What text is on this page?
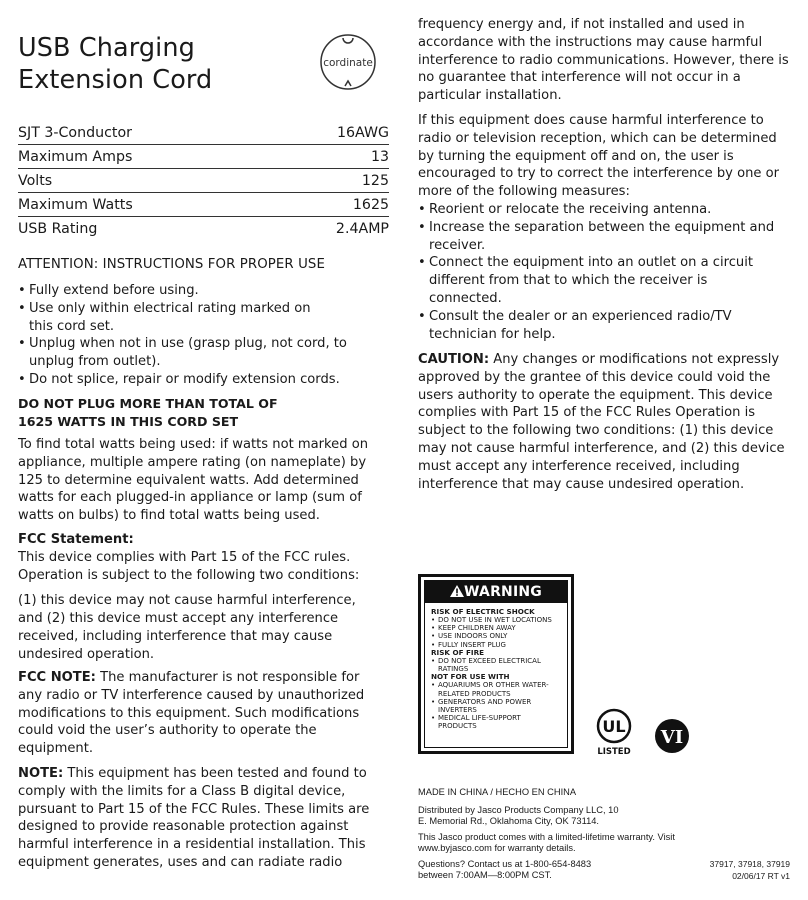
USB Charging
Extension Cord
cordinate
SJT 3-Conductor	16AWG
Maximum Amps	13
Volts	125
Maximum Watts	1625
USB Rating	2.4AMP
ATTENTION: INSTRUCTIONS FOR PROPER USE
• Fully extend before using.
• Use only within electrical rating marked on this cord set.
• Unplug when not in use (grasp plug, not cord, to unplug from outlet).
• Do not splice, repair or modify extension cords.
DO NOT PLUG MORE THAN TOTAL OF 1625 WATTS IN THIS CORD SET
To find total watts being used: if watts not marked on appliance, multiple ampere rating (on nameplate) by 125 to determine equivalent watts. Add determined watts for each plugged-in appliance or lamp (sum of watts on bulbs) to find total watts being used.
FCC Statement:
This device complies with Part 15 of the FCC rules. Operation is subject to the following two conditions:
(1) this device may not cause harmful interference, and (2) this device must accept any interference received, including interference that may cause undesired operation.
FCC NOTE: The manufacturer is not responsible for any radio or TV interference caused by unauthorized modifications to this equipment. Such modifications could void the user’s authority to operate the equipment.
NOTE: This equipment has been tested and found to comply with the limits for a Class B digital device, pursuant to Part 15 of the FCC Rules. These limits are designed to provide reasonable protection against harmful interference in a residential installation. This equipment generates, uses and can radiate radio
frequency energy and, if not installed and used in accordance with the instructions may cause harmful interference to radio communications. However, there is no guarantee that interference will not occur in a particular installation.
If this equipment does cause harmful interference to radio or television reception, which can be determined by turning the equipment off and on, the user is encouraged to try to correct the interference by one or more of the following measures:
• Reorient or relocate the receiving antenna.
• Increase the separation between the equipment and receiver.
• Connect the equipment into an outlet on a circuit different from that to which the receiver is connected.
• Consult the dealer or an experienced radio/TV technician for help.
CAUTION: Any changes or modifications not expressly approved by the grantee of this device could void the users authority to operate the equipment. This device complies with Part 15 of the FCC Rules Operation is subject to the following two conditions: (1) this device may not cause harmful interference, and (2) this device must accept any interference received, including interference that may cause undesired operation.
WARNING
RISK OF ELECTRIC SHOCK
• DO NOT USE IN WET LOCATIONS
• KEEP CHILDREN AWAY
• USE INDOORS ONLY
• FULLY INSERT PLUG
RISK OF FIRE
• DO NOT EXCEED ELECTRICAL RATINGS
NOT FOR USE WITH
• AQUARIUMS OR OTHER WATER-RELATED PRODUCTS
• GENERATORS AND POWER INVERTERS
• MEDICAL LIFE-SUPPORT PRODUCTS	UL
LISTED
VI
MADE IN CHINA / HECHO EN CHINA
Distributed by Jasco Products Company LLC, 10 E. Memorial Rd., Oklahoma City, OK 73114.
This Jasco product comes with a limited-lifetime warranty. Visit www.byjasco.com for warranty details.
Questions? Contact us at 1-800-654-8483 between 7:00AM—8:00PM CST.
37917, 37918, 37919
02/06/17 RT v1
